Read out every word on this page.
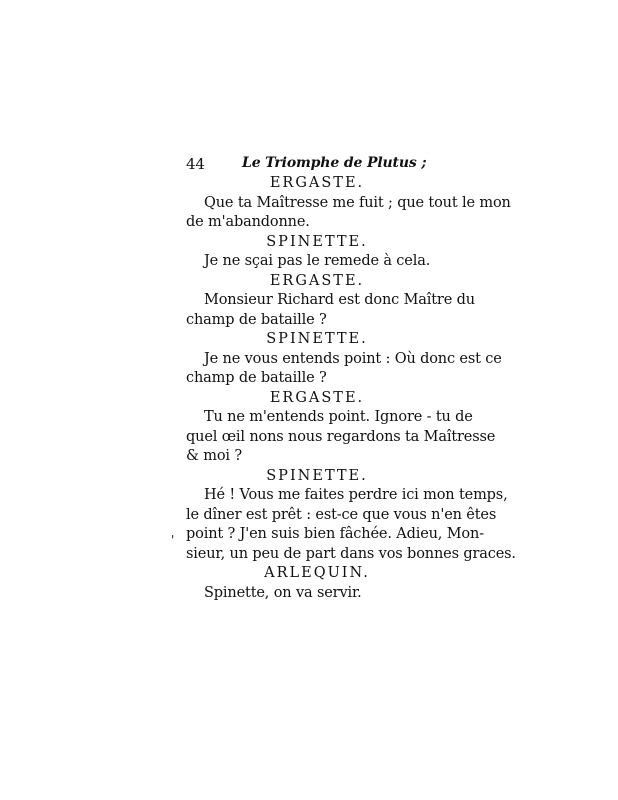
44	Le Triomphe de Plutus ;
ERGASTE.
Que ta Maîtresse me fuit ; que tout le mon
de m'abandonne.
SPINETTE.
Je ne sçai pas le remede à cela.
ERGASTE.
Monsieur Richard est donc Maître du
champ de bataille ?
SPINETTE.
Je ne vous entends point : Où donc est ce
champ de bataille ?
ERGASTE.
Tu ne m'entends point. Ignore - tu de
quel œil nons nous regardons ta Maîtresse
& moi ?
SPINETTE.
Hé ! Vous me faites perdre ici mon temps,
le dîner est prêt : est-ce que vous n'en êtes
point ? J'en suis bien fâchée. Adieu, Mon-
sieur, un peu de part dans vos bonnes graces.
ARLEQUIN.
Spinette, on va servir.
'
